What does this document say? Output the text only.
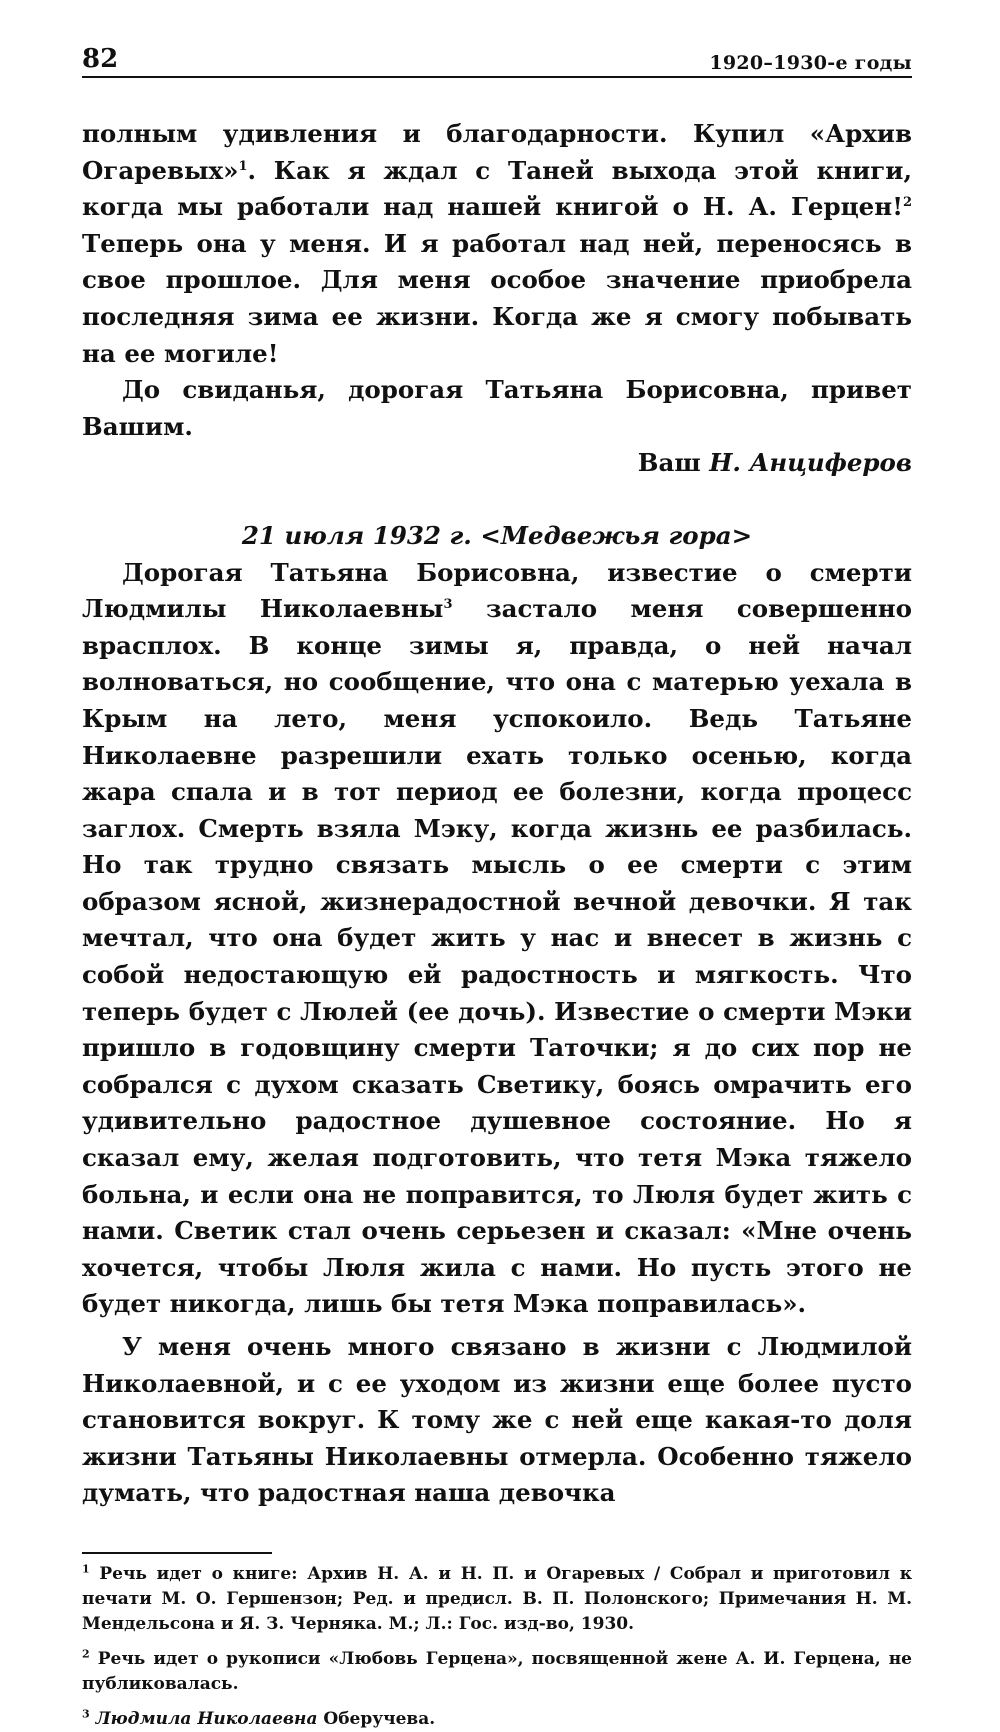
82	1920–1930-е годы

полным удивления и благодарности. Купил «Архив Огаревых»$^1$. Как я ждал с Таней выхода этой книги, когда мы работали над нашей книгой о Н. А. Герцен!$^2$ Теперь она у меня. И я работал над ней, переносясь в свое прошлое. Для меня особое значение приобрела последняя зима ее жизни. Когда же я смогу побывать на ее могиле!

До свиданья, дорогая Татьяна Борисовна, привет Вашим.

Ваш Н. Анциферов

21 июля 1932 г. <Медвежья гора>

Дорогая Татьяна Борисовна, известие о смерти Людмилы Николаевны$^3$ застало меня совершенно врасплох. В конце зимы я, правда, о ней начал волноваться, но сообщение, что она с матерью уехала в Крым на лето, меня успокоило. Ведь Татьяне Николаевне разрешили ехать только осенью, когда жара спала и в тот период ее болезни, когда процесс заглох. Смерть взяла Мэку, когда жизнь ее разбилась. Но так трудно связать мысль о ее смерти с этим образом ясной, жизнерадостной вечной девочки. Я так мечтал, что она будет жить у нас и внесет в жизнь с собой недостающую ей радостность и мягкость. Что теперь будет с Люлей (ее дочь). Известие о смерти Мэки пришло в годовщину смерти Таточки; я до сих пор не собрался с духом сказать Светику, боясь омрачить его удивительно радостное душевное состояние. Но я сказал ему, желая подготовить, что тетя Мэка тяжело больна, и если она не поправится, то Люля будет жить с нами. Светик стал очень серьезен и сказал: «Мне очень хочется, чтобы Люля жила с нами. Но пусть этого не будет никогда, лишь бы тетя Мэка поправилась».

У меня очень много связано в жизни с Людмилой Николаевной, и с ее уходом из жизни еще более пусто становится вокруг. К тому же с ней еще какая-то доля жизни Татьяны Николаевны отмерла. Особенно тяжело думать, что радостная наша девочка

$^1$ Речь идет о книге: Архив Н. А. и Н. П. и Огаревых / Собрал и приготовил к печати М. О. Гершензон; Ред. и предисл. В. П. Полонского; Примечания Н. М. Мендельсона и Я. З. Черняка. М.; Л.: Гос. изд-во, 1930.

$^2$ Речь идет о рукописи «Любовь Герцена», посвященной жене А. И. Герцена, не публиковалась.

$^3$ Людмила Николаевна Оберучева.
